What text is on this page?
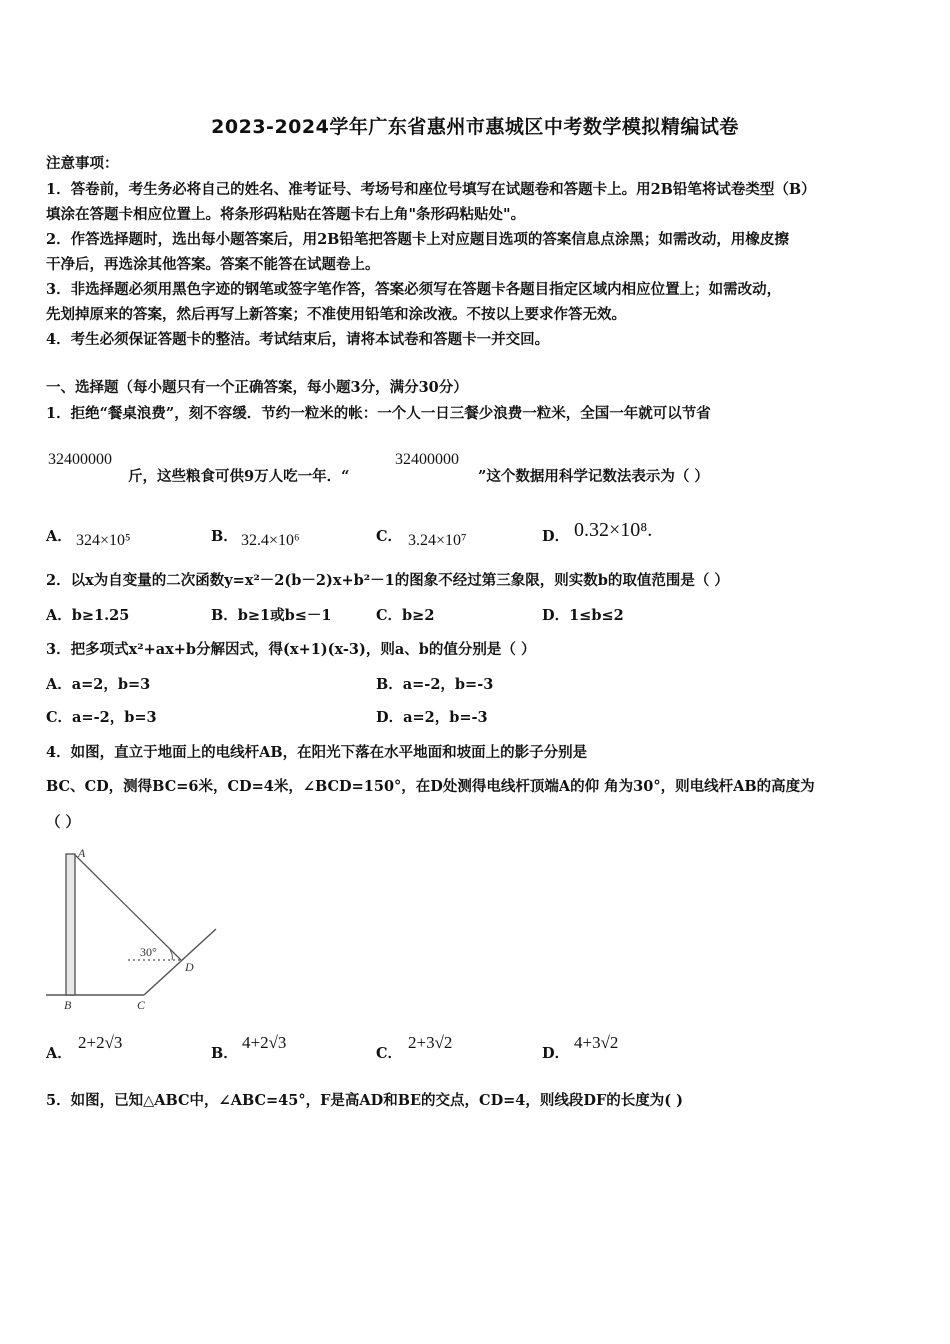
2023-2024学年广东省惠州市惠城区中考数学模拟精编试卷
注意事项：
1．答卷前，考生务必将自己的姓名、准考证号、考场号和座位号填写在试题卷和答题卡上。用2B铅笔将试卷类型（B）
填涂在答题卡相应位置上。将条形码粘贴在答题卡右上角"条形码粘贴处"。
2．作答选择题时，选出每小题答案后，用2B铅笔把答题卡上对应题目选项的答案信息点涂黑；如需改动，用橡皮擦
干净后，再选涂其他答案。答案不能答在试题卷上。
3．非选择题必须用黑色字迹的钢笔或签字笔作答，答案必须写在答题卡各题目指定区域内相应位置上；如需改动，
先划掉原来的答案，然后再写上新答案；不准使用铅笔和涂改液。不按以上要求作答无效。
4．考生必须保证答题卡的整洁。考试结束后，请将本试卷和答题卡一并交回。
一、选择题（每小题只有一个正确答案，每小题3分，满分30分）
1．拒绝“餐桌浪费”，刻不容缓．节约一粒米的帐：一个人一日三餐少浪费一粒米，全国一年就可以节省
32400000
斤，这些粮食可供9万人吃一年．“
32400000
”这个数据用科学记数法表示为（ ）
A． 324×10⁵	B． 32.4×10⁶	C． 3.24×10⁷	D． 0.32×10⁸.
2．以x为自变量的二次函数y=x²－2(b－2)x+b²－1的图象不经过第三象限，则实数b的取值范围是（ ）
A．b≥1.25	B．b≥1或b≤－1	C．b≥2	D．1≤b≤2
3．把多项式x²+ax+b分解因式，得(x+1)(x-3)，则a、b的值分别是（ ）
A．a=2，b=3	B．a=-2，b=-3
C．a=-2，b=3	D．a=2，b=-3
4．如图，直立于地面上的电线杆AB，在阳光下落在水平地面和坡面上的影子分别是
BC、CD，测得BC=6米，CD=4米，∠BCD=150°，在D处测得电线杆顶端A的仰 角为30°，则电线杆AB的高度为
（ ）
A
B	C
D
30°
A．
2+2√3
B．
4+2√3
C．
2+3√2
D．
4+3√2
5．如图，已知△ABC中，∠ABC=45°，F是高AD和BE的交点，CD=4，则线段DF的长度为( )
